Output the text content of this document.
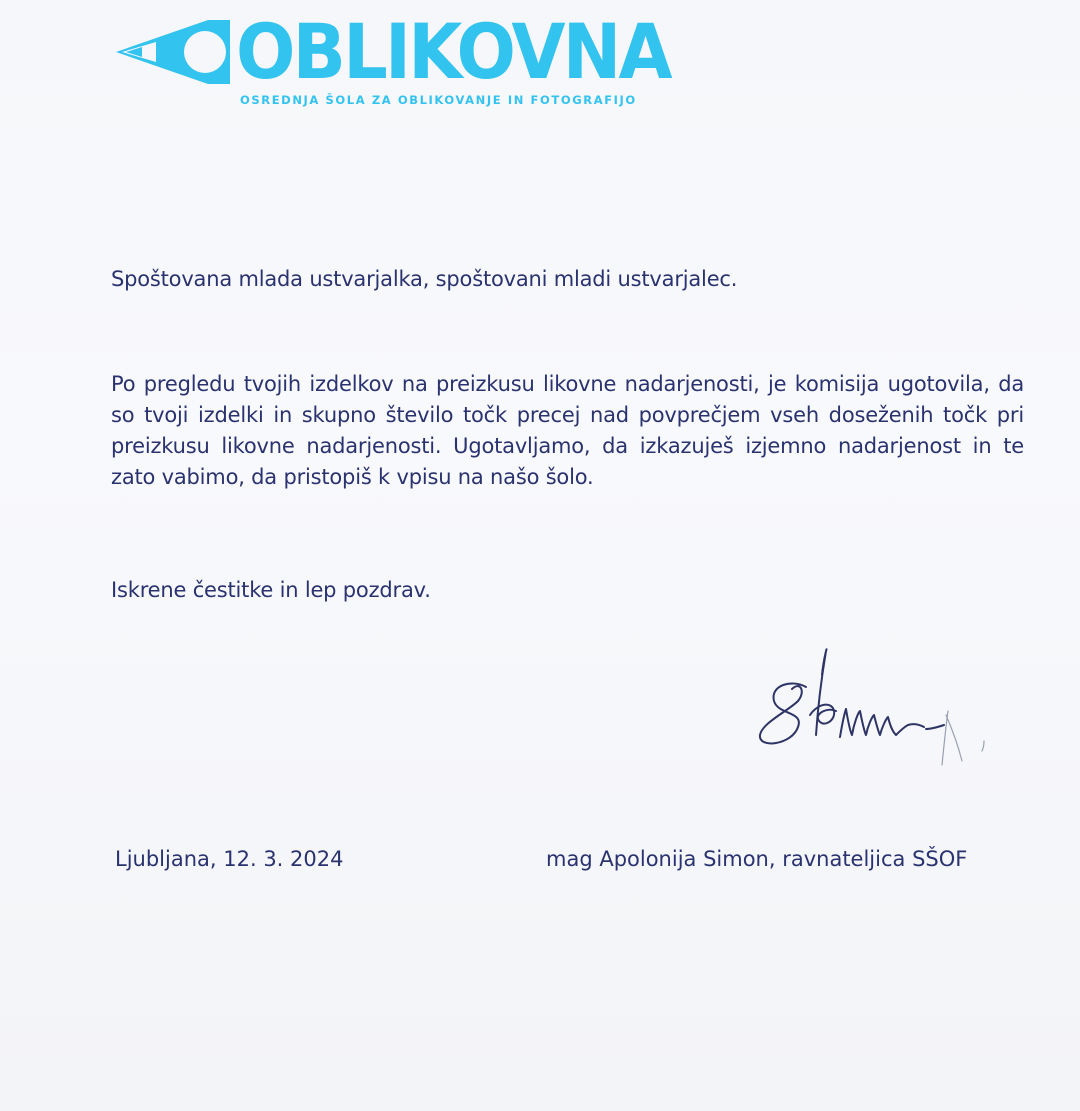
OBLIKOVNA
OSREDNJA ŠOLA ZA OBLIKOVANJE IN FOTOGRAFIJO
Spoštovana mlada ustvarjalka, spoštovani mladi ustvarjalec.
Po pregledu tvojih izdelkov na preizkusu likovne nadarjenosti, je komisija ugotovila, da so tvoji izdelki in skupno število točk precej nad povprečjem vseh doseženih točk pri preizkusu likovne nadarjenosti. Ugotavljamo, da izkazuješ izjemno nadarjenost in te zato vabimo, da pristopiš k vpisu na našo šolo.
Iskrene čestitke in lep pozdrav.
Ljubljana, 12. 3. 2024	mag Apolonija Simon, ravnateljica SŠOF
